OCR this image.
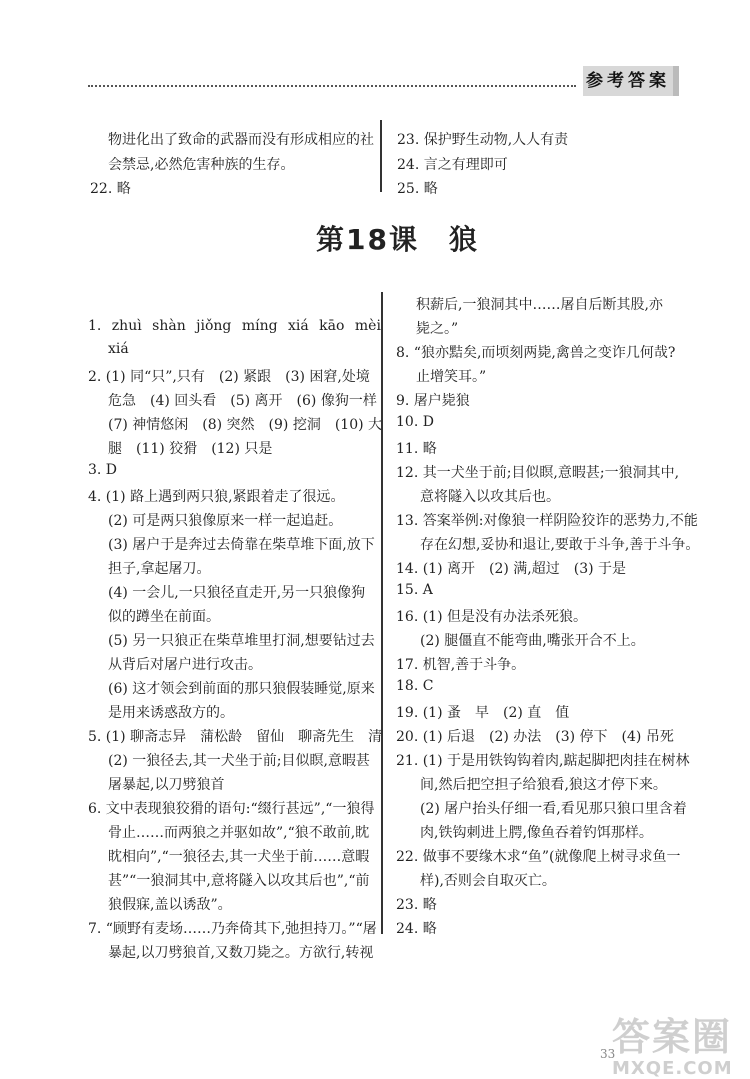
参考答案
物进化出了致命的武器而没有形成相应的社
会禁忌,必然危害种族的生存。
22. 略
23. 保护野生动物,人人有责
24. 言之有理即可
25. 略
第18课　狼
1. zhuì shàn jiǒng míng xiá kāo mèi
xiá
2. (1) 同“只”,只有　(2) 紧跟　(3) 困窘,处境
危急　(4) 回头看　(5) 离开　(6) 像狗一样
(7) 神情悠闲　(8) 突然　(9) 挖洞　(10) 大
腿　(11) 狡猾　(12) 只是
3. D
4. (1) 路上遇到两只狼,紧跟着走了很远。
(2) 可是两只狼像原来一样一起追赶。
(3) 屠户于是奔过去倚靠在柴草堆下面,放下
担子,拿起屠刀。
(4) 一会儿,一只狼径直走开,另一只狼像狗
似的蹲坐在前面。
(5) 另一只狼正在柴草堆里打洞,想要钻过去
从背后对屠户进行攻击。
(6) 这才领会到前面的那只狼假装睡觉,原来
是用来诱惑敌方的。
5. (1) 聊斋志异　蒲松龄　留仙　聊斋先生　清
(2) 一狼径去,其一犬坐于前;目似瞑,意暇甚
屠暴起,以刀劈狼首
6. 文中表现狼狡猾的语句:“缀行甚远”,“一狼得
骨止……而两狼之并驱如故”,“狼不敢前,眈
眈相向”,“一狼径去,其一犬坐于前……意暇
甚”“一狼洞其中,意将隧入以攻其后也”,“前
狼假寐,盖以诱敌”。
7. “顾野有麦场……乃奔倚其下,弛担持刀。”“屠
暴起,以刀劈狼首,又数刀毙之。方欲行,转视
积薪后,一狼洞其中……屠自后断其股,亦
毙之。”
8. “狼亦黠矣,而顷刻两毙,禽兽之变诈几何哉?
止增笑耳。”
9. 屠户毙狼
10. D
11. 略
12. 其一犬坐于前;目似瞑,意暇甚;一狼洞其中,
意将隧入以攻其后也。
13. 答案举例:对像狼一样阴险狡诈的恶势力,不能
存在幻想,妥协和退让,要敢于斗争,善于斗争。
14. (1) 离开　(2) 满,超过　(3) 于是
15. A
16. (1) 但是没有办法杀死狼。
(2) 腿僵直不能弯曲,嘴张开合不上。
17. 机智,善于斗争。
18. C
19. (1) 蚤　早　(2) 直　值
20. (1) 后退　(2) 办法　(3) 停下　(4) 吊死
21. (1) 于是用铁钩钩着肉,踮起脚把肉挂在树林
间,然后把空担子给狼看,狼这才停下来。
(2) 屠户抬头仔细一看,看见那只狼口里含着
肉,铁钩刺进上腭,像鱼吞着钓饵那样。
22. 做事不要缘木求“鱼”(就像爬上树寻求鱼一
样),否则会自取灭亡。
23. 略
24. 略
33
答案圈
MXQE.COM
